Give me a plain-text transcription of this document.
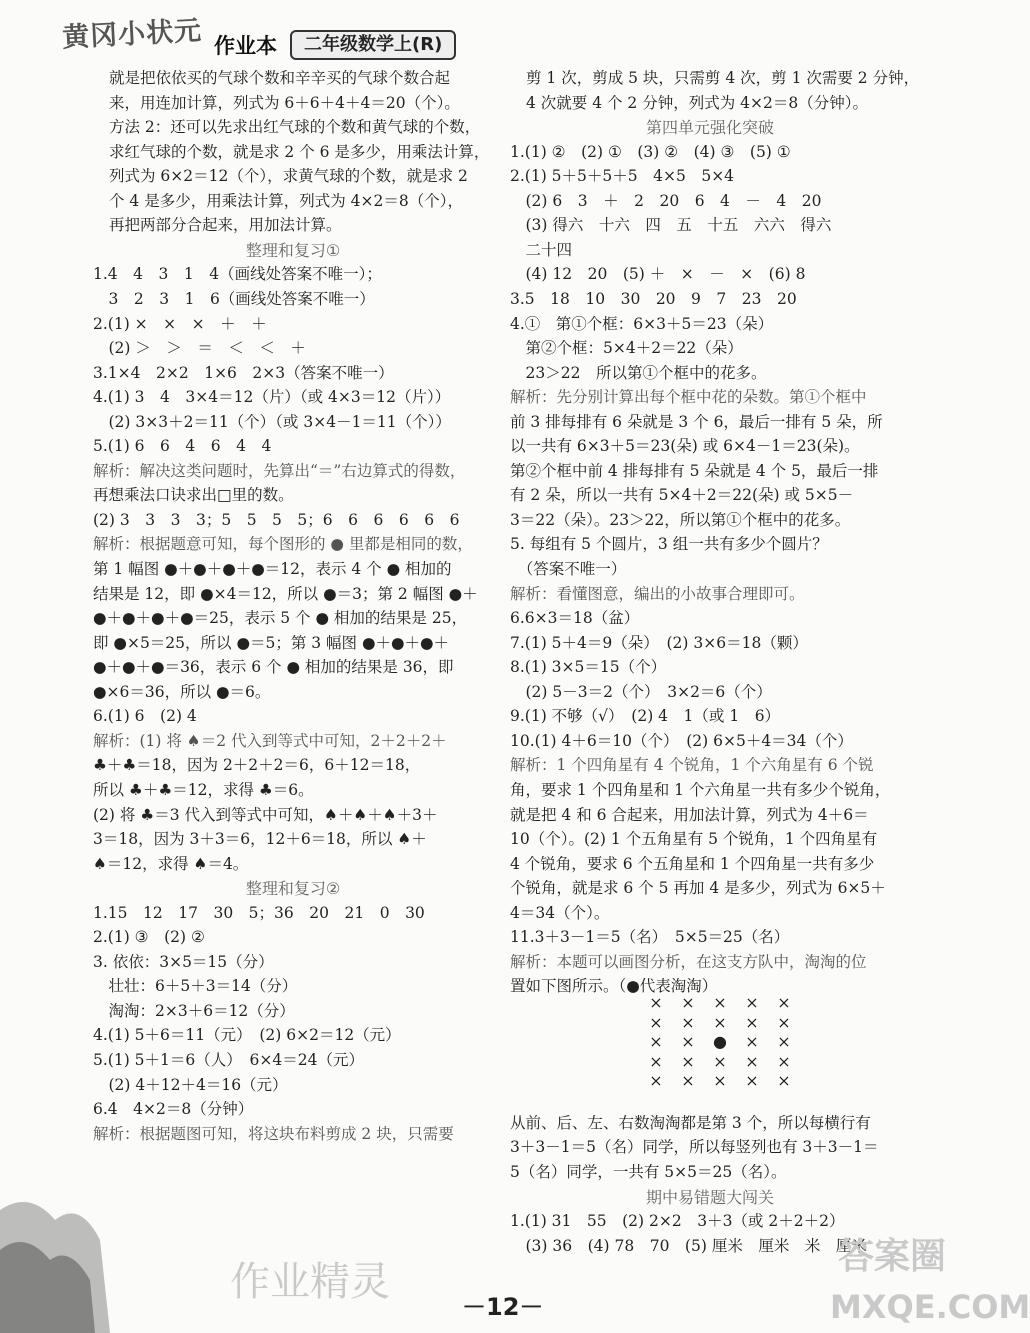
黄冈小状元 作业本	二年级数学上(R)
就是把依依买的气球个数和辛辛买的气球个数合起
来，用连加计算，列式为 6＋6＋4＋4＝20（个）。
方法 2：还可以先求出红气球的个数和黄气球的个数，
求红气球的个数，就是求 2 个 6 是多少，用乘法计算，
列式为 6×2＝12（个），求黄气球的个数，就是求 2
个 4 是多少，用乘法计算，列式为 4×2＝8（个），
再把两部分合起来，用加法计算。
整理和复习①
1.4　4　3　1　4（画线处答案不唯一）；
　3　2　3　1　6（画线处答案不唯一）
2.(1) ×　×　×　＋　＋
　(2) ＞　＞　＝　＜　＜　＋
3.1×4　2×2　1×6　2×3（答案不唯一）
4.(1) 3　4　3×4＝12（片）（或 4×3＝12（片））
　(2) 3×3＋2＝11（个）（或 3×4－1＝11（个））
5.(1) 6　6　4　6　4　4
解析：解决这类问题时，先算出“＝”右边算式的得数，
再想乘法口诀求出□里的数。
(2) 3　3　3　3；5　5　5　5；6　6　6　6　6　6
解析：根据题意可知，每个图形的 ● 里都是相同的数，
第 1 幅图 ●＋●＋●＋●＝12，表示 4 个 ● 相加的
结果是 12，即 ●×4＝12，所以 ●＝3；第 2 幅图 ●＋
●＋●＋●＋●＝25，表示 5 个 ● 相加的结果是 25，
即 ●×5＝25，所以 ●＝5；第 3 幅图 ●＋●＋●＋
●＋●＋●＝36，表示 6 个 ● 相加的结果是 36，即
●×6＝36，所以 ●＝6。
6.(1) 6　(2) 4
解析：(1) 将 ♠＝2 代入到等式中可知，2＋2＋2＋
♣＋♣＝18，因为 2＋2＋2＝6，6＋12＝18，
所以 ♣＋♣＝12，求得 ♣＝6。
(2) 将 ♣＝3 代入到等式中可知，♠＋♠＋♠＋3＋
3＝18，因为 3＋3＝6，12＋6＝18，所以 ♠＋
♠＝12，求得 ♠＝4。
整理和复习②
1.15　12　17　30　5；36　20　21　0　30
2.(1) ③　(2) ②
3. 依依：3×5＝15（分）
　壮壮：6＋5＋3＝14（分）
　淘淘：2×3＋6＝12（分）
4.(1) 5＋6＝11（元）　(2) 6×2＝12（元）
5.(1) 5＋1＝6（人）　6×4＝24（元）
　(2) 4＋12＋4＝16（元）
6.4　4×2＝8（分钟）
解析：根据题图可知，将这块布料剪成 2 块，只需要
剪 1 次，剪成 5 块，只需剪 4 次，剪 1 次需要 2 分钟，
4 次就要 4 个 2 分钟，列式为 4×2＝8（分钟）。
第四单元强化突破
1.(1) ②　(2) ①　(3) ②　(4) ③　(5) ①
2.(1) 5＋5＋5＋5　4×5　5×4
　(2) 6　3　＋　2　20　6　4　－　4　20
　(3) 得六　十六　四　五　十五　六六　得六
　二十四
　(4) 12　20　(5) ＋　×　－　×　(6) 8
3.5　18　10　30　20　9　7　23　20
4.①　第①个框：6×3＋5＝23（朵）
　第②个框：5×4＋2＝22（朵）
　23＞22　所以第①个框中的花多。
解析：先分别计算出每个框中花的朵数。第①个框中
前 3 排每排有 6 朵就是 3 个 6，最后一排有 5 朵，所
以一共有 6×3＋5＝23(朵) 或 6×4－1＝23(朵)。
第②个框中前 4 排每排有 5 朵就是 4 个 5，最后一排
有 2 朵，所以一共有 5×4＋2＝22(朵) 或 5×5－
3＝22（朵）。23＞22，所以第①个框中的花多。
5. 每组有 5 个圆片，3 组一共有多少个圆片？
　（答案不唯一）
解析：看懂图意，编出的小故事合理即可。
6.6×3＝18（盆）
7.(1) 5＋4＝9（朵）　(2) 3×6＝18（颗）
8.(1) 3×5＝15（个）
　(2) 5－3＝2（个）　3×2＝6（个）
9.(1) 不够（√）　(2) 4　1（或 1　6）
10.(1) 4＋6＝10（个）　(2) 6×5＋4＝34（个）
解析：1 个四角星有 4 个锐角，1 个六角星有 6 个锐
角，要求 1 个四角星和 1 个六角星一共有多少个锐角，
就是把 4 和 6 合起来，用加法计算，列式为 4＋6＝
10（个）。(2) 1 个五角星有 5 个锐角，1 个四角星有
4 个锐角，要求 6 个五角星和 1 个四角星一共有多少
个锐角，就是求 6 个 5 再加 4 是多少，列式为 6×5＋
4＝34（个）。
11.3＋3－1＝5（名）　5×5＝25（名）
解析：本题可以画图分析，在这支方队中，淘淘的位
置如下图所示。（●代表淘淘）
从前、后、左、右数淘淘都是第 3 个，所以每横行有
3＋3－1＝5（名）同学，所以每竖列也有 3＋3－1＝
5（名）同学，一共有 5×5＝25（名）。
期中易错题大闯关
1.(1) 31　55　(2) 2×2　3＋3（或 2＋2＋2）
　(3) 36　(4) 78　70　(5) 厘米　厘米　米　厘米
×	×	×	×	×
×	×	×	×	×
×	×	●	×	×
×	×	×	×	×
×	×	×	×	×
－12－
作业精灵
答案圈
MXQE.COM
